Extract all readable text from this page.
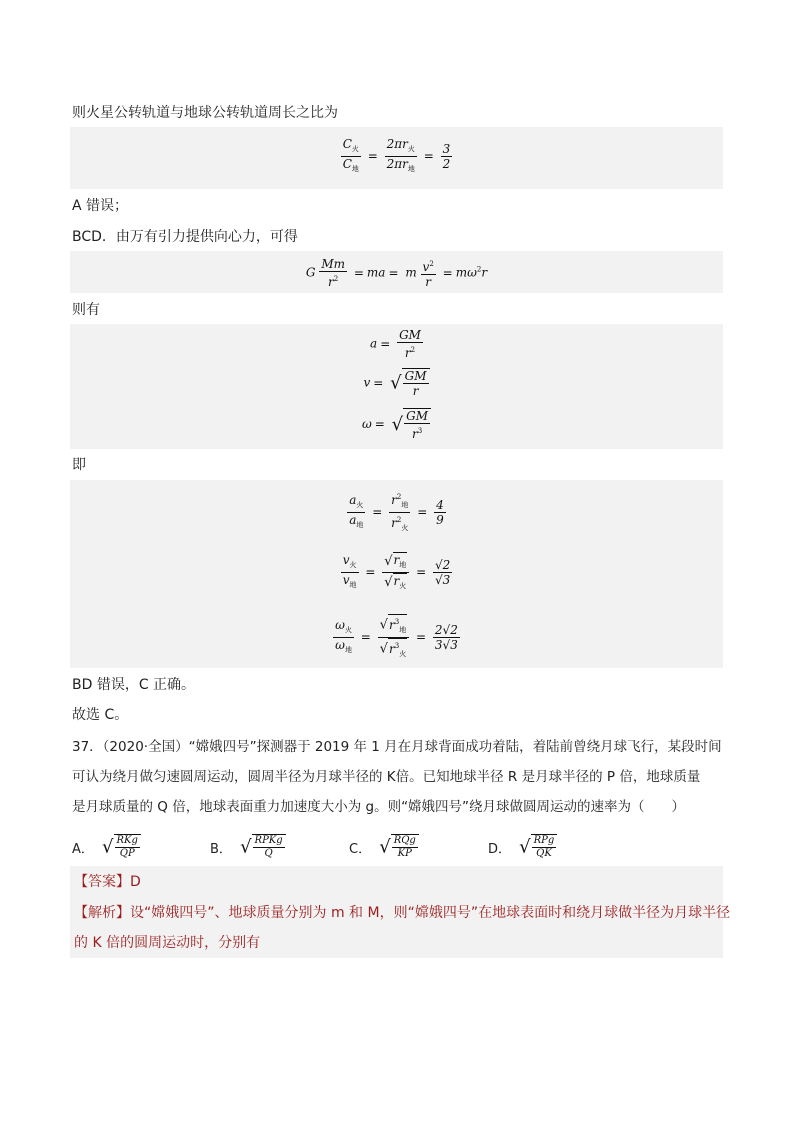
则火星公转轨道与地球公转轨道周长之比为
$\frac{C_火}{C_地} = \frac{2\pi r_火}{2\pi r_地} = \frac{3}{2}$
A 错误；
BCD．由万有引力提供向心力，可得
G $\frac{Mm}{r^2}$ = ma = m $\frac{v^2}{r} = m\omega^2r$
则有
$a = \frac{GM}{r^2}$
v = √ $\frac{GM}{r}$
ω = √ $\frac{GM}{r^3}$
即
$\frac{a_火}{a_地} = \frac{r^2_地}{r^2_火} = \frac{4}{9}$
$\frac{v_火}{v_地} = \frac{√r_地}{√r_火} = \frac{√2}{√3}$
$\frac{\omega_火}{\omega_地} = \frac{√r^3_地}{√r^3_火} = \frac{2√2}{3√3}$
BD 错误，C 正确。
故选 C。
37．（2020·全国）“嫦娥四号”探测器于 2019 年 1 月在月球背面成功着陆，着陆前曾绕月球飞行，某段时间
可认为绕月做匀速圆周运动，圆周半径为月球半径的 K倍。已知地球半径 R 是月球半径的 P 倍，地球质量
是月球质量的 Q 倍，地球表面重力加速度大小为 g。则“嫦娥四号”绕月球做圆周运动的速率为（　　）
A． √ $\frac{\text{RKg}}{QP}$	B． √ $\frac{\text{RPKg}}{Q}$	C． √ $\frac{\text{RQg}}{KP}$	D． √ $\frac{\text{RPg}}{QK}$
【答案】D
【解析】设“嫦娥四号”、地球质量分别为 m 和 M，则“嫦娥四号”在地球表面时和绕月球做半径为月球半径
的 K 倍的圆周运动时，分别有
